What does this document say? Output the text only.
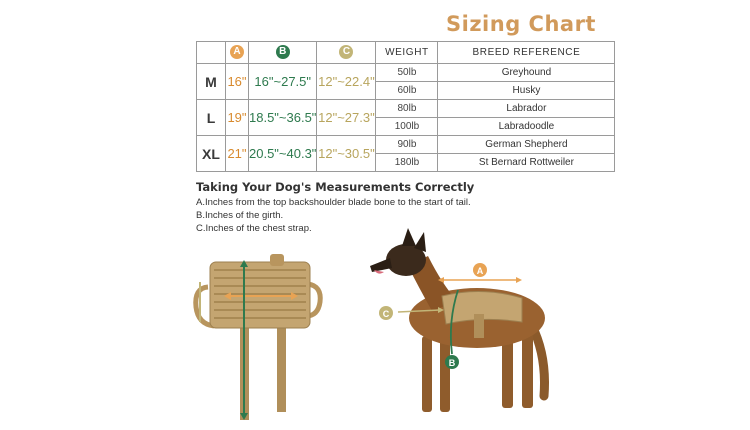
Sizing Chart
	A	B	C	WEIGHT	BREED REFERENCE
M	16"	16"~27.5"	12"~22.4"	50lb	Greyhound
				60lb	Husky
L	19"	18.5"~36.5"	12"~27.3"	80lb	Labrador
				100lb	Labradoodle
XL	21"	20.5"~40.3"	12"~30.5"	90lb	German Shepherd
				180lb	St Bernard Rottweiler
Taking Your Dog's Measurements Correctly
A.Inches from the top backshoulder blade bone to the start of tail.
B.Inches of the girth.
C.Inches of the chest strap.
A
B
C
